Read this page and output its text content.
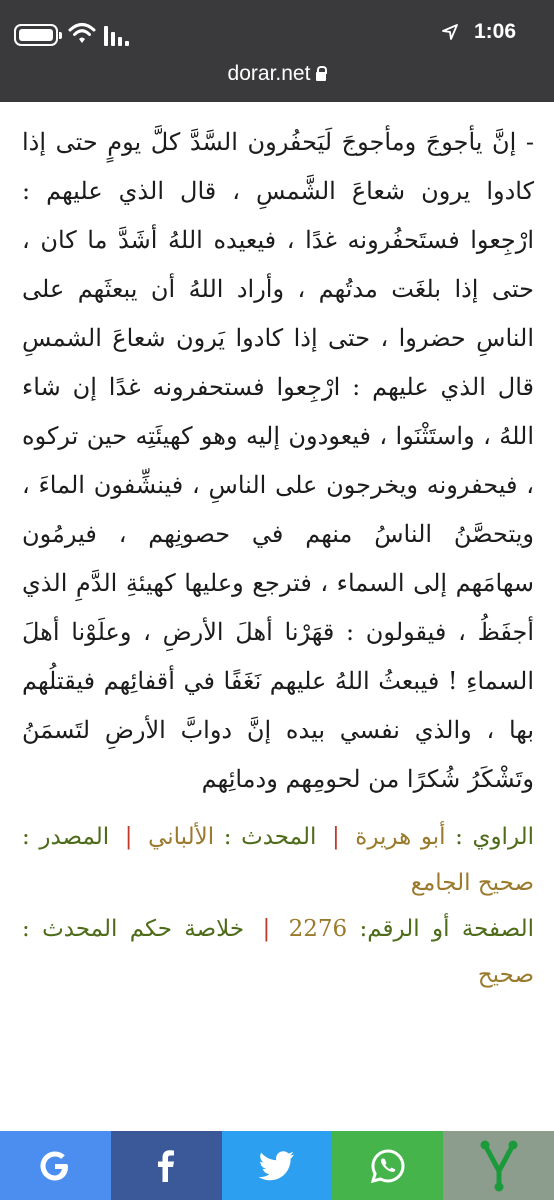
1:06
dorar.net

- إنَّ يأجوجَ ومأجوجَ لَيَحفُرون السَّدَّ كلَّ يومٍ حتى إذا كادوا يرون شعاعَ الشَّمسِ ، قال الذي عليهم : ارْجِعوا فستَحفُرونه غدًا ، فيعيده اللهُ أشَدَّ ما كان ، حتى إذا بلغَت مدتُهم ، وأراد اللهُ أن يبعثَهم على الناسِ حضروا ، حتى إذا كادوا يَرون شعاعَ الشمسِ قال الذي عليهم : ارْجِعوا فستحفرونه غدًا إن شاء اللهُ ، واستَثْنَوا ، فيعودون إليه وهو كهيئَتِه حين تركوه ، فيحفرونه ويخرجون على الناسِ ، فينشِّفون الماءَ ، ويتحصَّنُ الناسُ منهم في حصونِهم ، فيرمُون سهامَهم إلى السماء ، فترجع وعليها كهيئةِ الدَّمِ الذي أجفَظُ ، فيقولون : قهَرْنا أهلَ الأرضِ ، وعلَوْنا أهلَ السماءِ ! فيبعثُ اللهُ عليهم نَغَفًا في أقفائِهم فيقتلُهم بها ، والذي نفسي بيده إنَّ دوابَّ الأرضِ لتَسمَنُ وتَشْكَرُ شُكرًا من لحومِهم ودمائِهم

الراوي : أبو هريرة | المحدث : الألباني | المصدر : صحيح الجامع
الصفحة أو الرقم: 2276 | خلاصة حكم المحدث : صحيح
